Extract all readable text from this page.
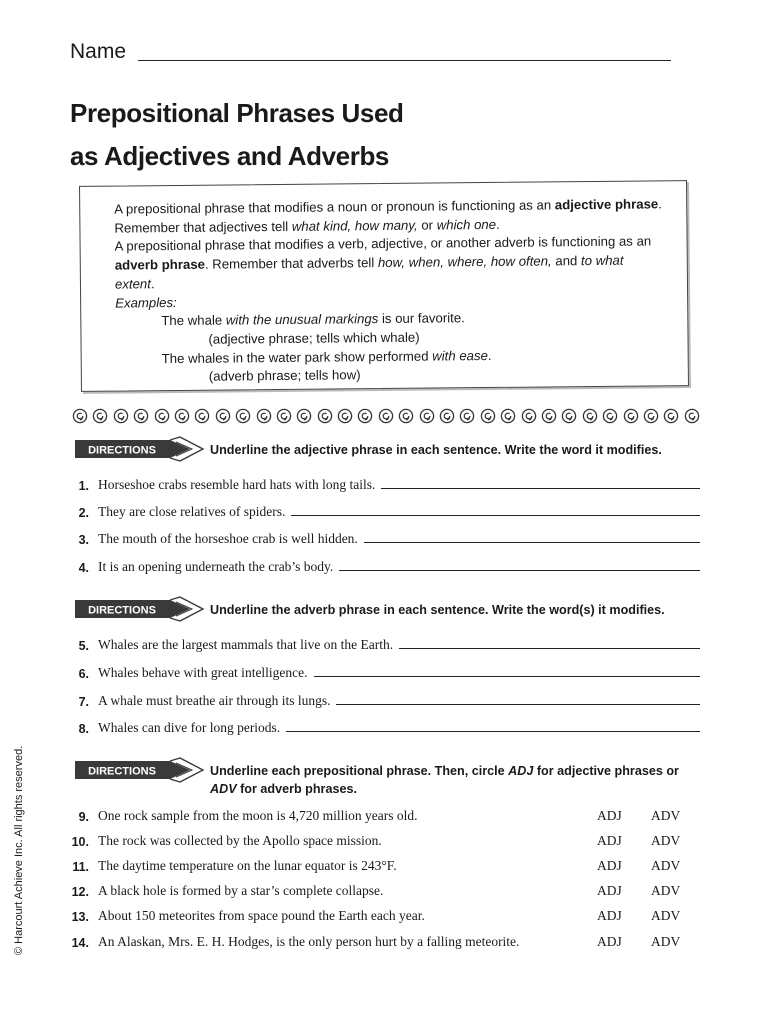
Name
Prepositional Phrases Used
as Adjectives and Adverbs

A prepositional phrase that modifies a noun or pronoun is functioning as an adjective phrase. Remember that adjectives tell what kind, how many, or which one.

A prepositional phrase that modifies a verb, adjective, or another adverb is functioning as an adverb phrase. Remember that adverbs tell how, when, where, how often, and to what extent.

Examples:

The whale with the unusual markings is our favorite.

(adjective phrase; tells which whale)

The whales in the water park show performed with ease.

(adverb phrase; tells how)

DIRECTIONS	Underline the adjective phrase in each sentence. Write the word it modifies.
1. Horseshoe crabs resemble hard hats with long tails.
2. They are close relatives of spiders.
3. The mouth of the horseshoe crab is well hidden.
4. It is an opening underneath the crab’s body.
DIRECTIONS	Underline the adverb phrase in each sentence. Write the word(s) it modifies.
5. Whales are the largest mammals that live on the Earth.
6. Whales behave with great intelligence.
7. A whale must breathe air through its lungs.
8. Whales can dive for long periods.
DIRECTIONS	Underline each prepositional phrase. Then, circle ADJ for adjective phrases or
ADV for adverb phrases.
9. One rock sample from the moon is 4,720 million years old.	ADJ ADV
10. The rock was collected by the Apollo space mission.	ADJ ADV
11. The daytime temperature on the lunar equator is 243°F.	ADJ ADV
12. A black hole is formed by a star’s complete collapse.	ADJ ADV
13. About 150 meteorites from space pound the Earth each year.	ADJ ADV
14. An Alaskan, Mrs. E. H. Hodges, is the only person hurt by a falling meteorite.	ADJ ADV
© Harcourt Achieve Inc. All rights reserved.
